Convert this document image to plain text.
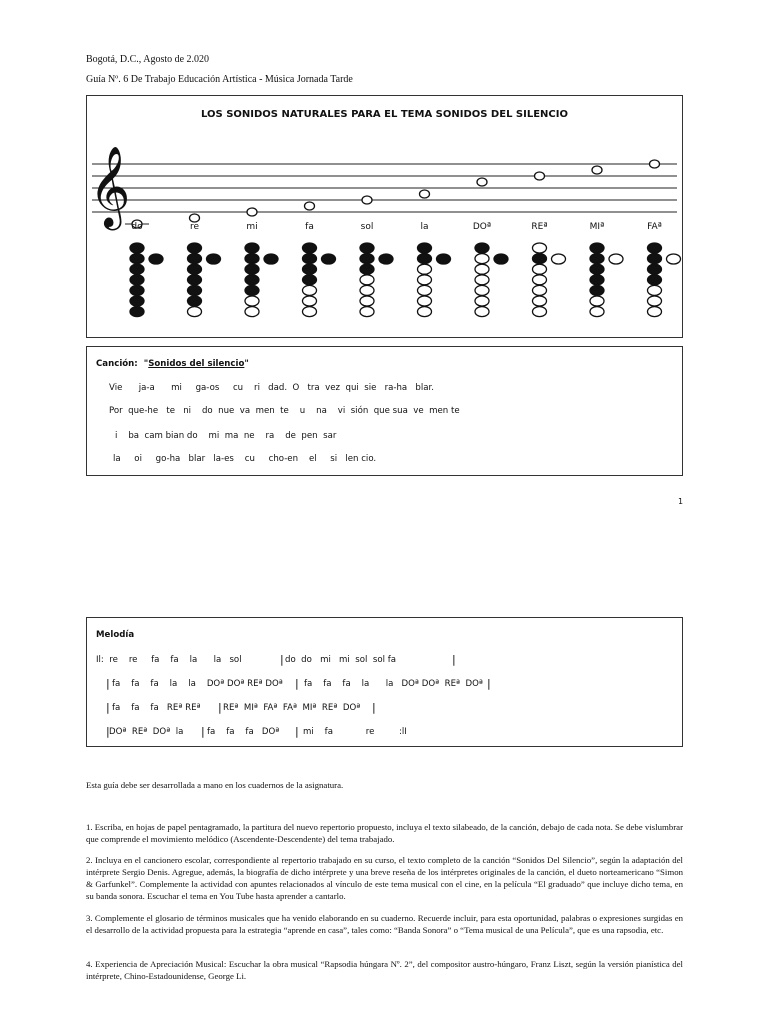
Bogotá, D.C., Agosto de 2.020
Guía Nº. 6 De Trabajo Educación Artística - Música Jornada Tarde
LOS SONIDOS NATURALES PARA EL TEMA SONIDOS DEL SILENCIO
𝄞 do	re	mi	fa	sol	la	DOª	REª	MIª	FAª
Canción:  "Sonidos del silencio"
Vie      ja-a      mi     ga-os     cu    ri   dad.  O   tra  vez  qui  sie   ra-ha   blar.
Por  que-he   te   ni    do  nue  va  men  te    u    na    vi  sión  que sua  ve  men te
i    ba  cam bian do    mi  ma  ne    ra    de  pen  sar
la     oi     go-ha   blar   la-es    cu     cho-en    el     si   len cio.
1
Melodía
Il:  re    re     fa    fa    la      la   sol	| do  do   mi   mi  sol  sol fa	|
| fa    fa    fa    la    la    DOª DOª REª DOª | fa    fa    fa    la      la   DOª DOª  REª  DOª |
| fa    fa    fa   REª REª | REª  MIª  FAª  FAª  MIª  REª  DOª |
| DOª  REª  DOª  la | fa    fa    fa   DOª | mi    fa            re         :lI
Esta guía debe ser desarrollada a mano en los cuadernos de la asignatura.
1. Escriba, en hojas de papel pentagramado, la partitura del nuevo repertorio propuesto, incluya el texto silabeado, de la canción, debajo de cada nota. Se debe vislumbrar que comprende el movimiento melódico (Ascendente-Descendente) del tema trabajado.
2. Incluya en el cancionero escolar, correspondiente al repertorio trabajado en su curso, el texto completo de la canción “Sonidos Del Silencio”, según la adaptación del intérprete Sergio Denis. Agregue, además, la biografía de dicho intérprete y una breve reseña de los intérpretes originales de la canción, el dueto norteamericano “Simon & Garfunkel”. Complemente la actividad con apuntes relacionados al vínculo de este tema musical con el cine, en la película “El graduado” que incluye dicho tema, en su banda sonora. Escuchar el tema en You Tube hasta aprender a cantarlo.
3. Complemente el glosario de términos musicales que ha venido elaborando en su cuaderno. Recuerde incluir, para esta oportunidad, palabras o expresiones surgidas en el desarrollo de la actividad propuesta para la estrategia “aprende en casa”, tales como: “Banda Sonora” o “Tema musical de una Película”, que es una rapsodia, etc.
4. Experiencia de Apreciación Musical: Escuchar la obra musical “Rapsodia húngara Nº. 2”, del compositor austro-húngaro, Franz Liszt, según la versión pianística del intérprete, Chino-Estadounidense, George Li.
